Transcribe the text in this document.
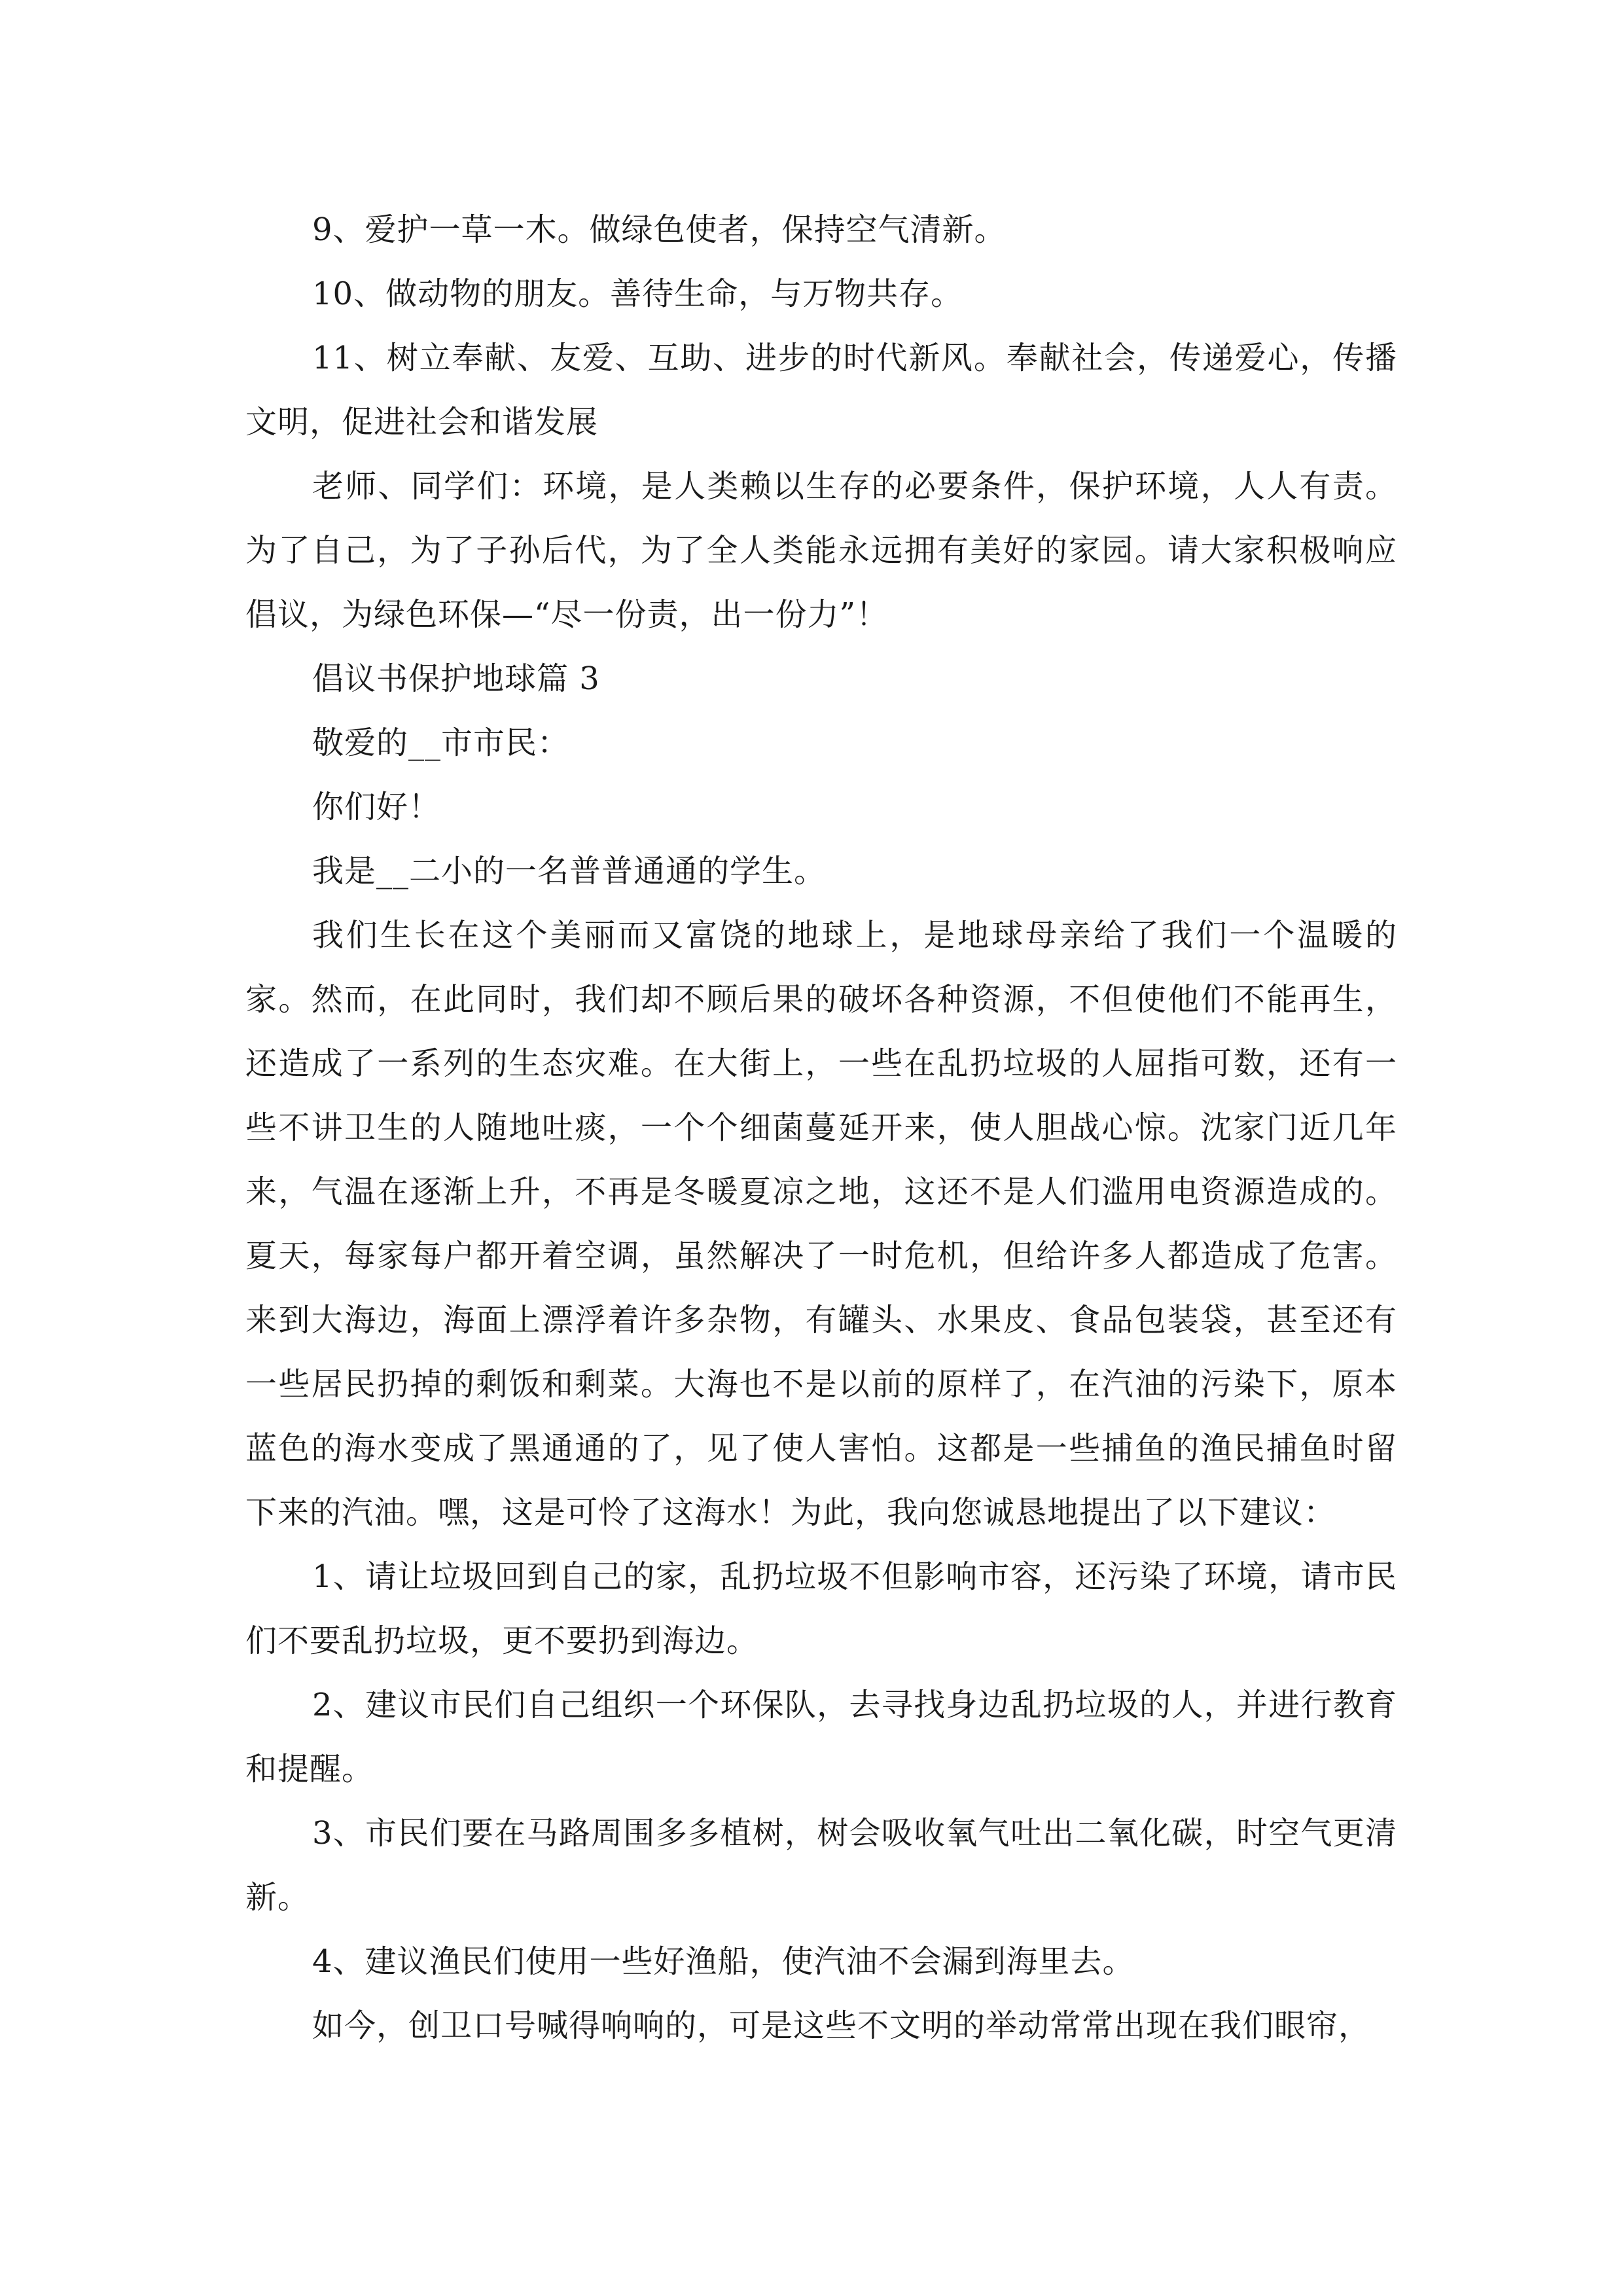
9、爱护一草一木。做绿色使者，保持空气清新。

10、做动物的朋友。善待生命，与万物共存。

11、树立奉献、友爱、互助、进步的时代新风。奉献社会，传递爱心，传播文明，促进社会和谐发展

老师、同学们：环境，是人类赖以生存的必要条件，保护环境，人人有责。为了自己，为了子孙后代，为了全人类能永远拥有美好的家园。请大家积极响应倡议，为绿色环保—“尽一份责，出一份力”！

倡议书保护地球篇 3

敬爱的__市市民：

你们好！

我是__二小的一名普普通通的学生。

我们生长在这个美丽而又富饶的地球上，是地球母亲给了我们一个温暖的家。然而，在此同时，我们却不顾后果的破坏各种资源，不但使他们不能再生，还造成了一系列的生态灾难。在大街上，一些在乱扔垃圾的人屈指可数，还有一些不讲卫生的人随地吐痰，一个个细菌蔓延开来，使人胆战心惊。沈家门近几年来，气温在逐渐上升，不再是冬暖夏凉之地，这还不是人们滥用电资源造成的。夏天，每家每户都开着空调，虽然解决了一时危机，但给许多人都造成了危害。来到大海边，海面上漂浮着许多杂物，有罐头、水果皮、食品包装袋，甚至还有一些居民扔掉的剩饭和剩菜。大海也不是以前的原样了，在汽油的污染下，原本蓝色的海水变成了黑通通的了，见了使人害怕。这都是一些捕鱼的渔民捕鱼时留下来的汽油。嘿，这是可怜了这海水！为此，我向您诚恳地提出了以下建议：

1、请让垃圾回到自己的家，乱扔垃圾不但影响市容，还污染了环境，请市民们不要乱扔垃圾，更不要扔到海边。

2、建议市民们自己组织一个环保队，去寻找身边乱扔垃圾的人，并进行教育和提醒。

3、市民们要在马路周围多多植树，树会吸收氧气吐出二氧化碳，时空气更清新。

4、建议渔民们使用一些好渔船，使汽油不会漏到海里去。

如今，创卫口号喊得响响的，可是这些不文明的举动常常出现在我们眼帘，
